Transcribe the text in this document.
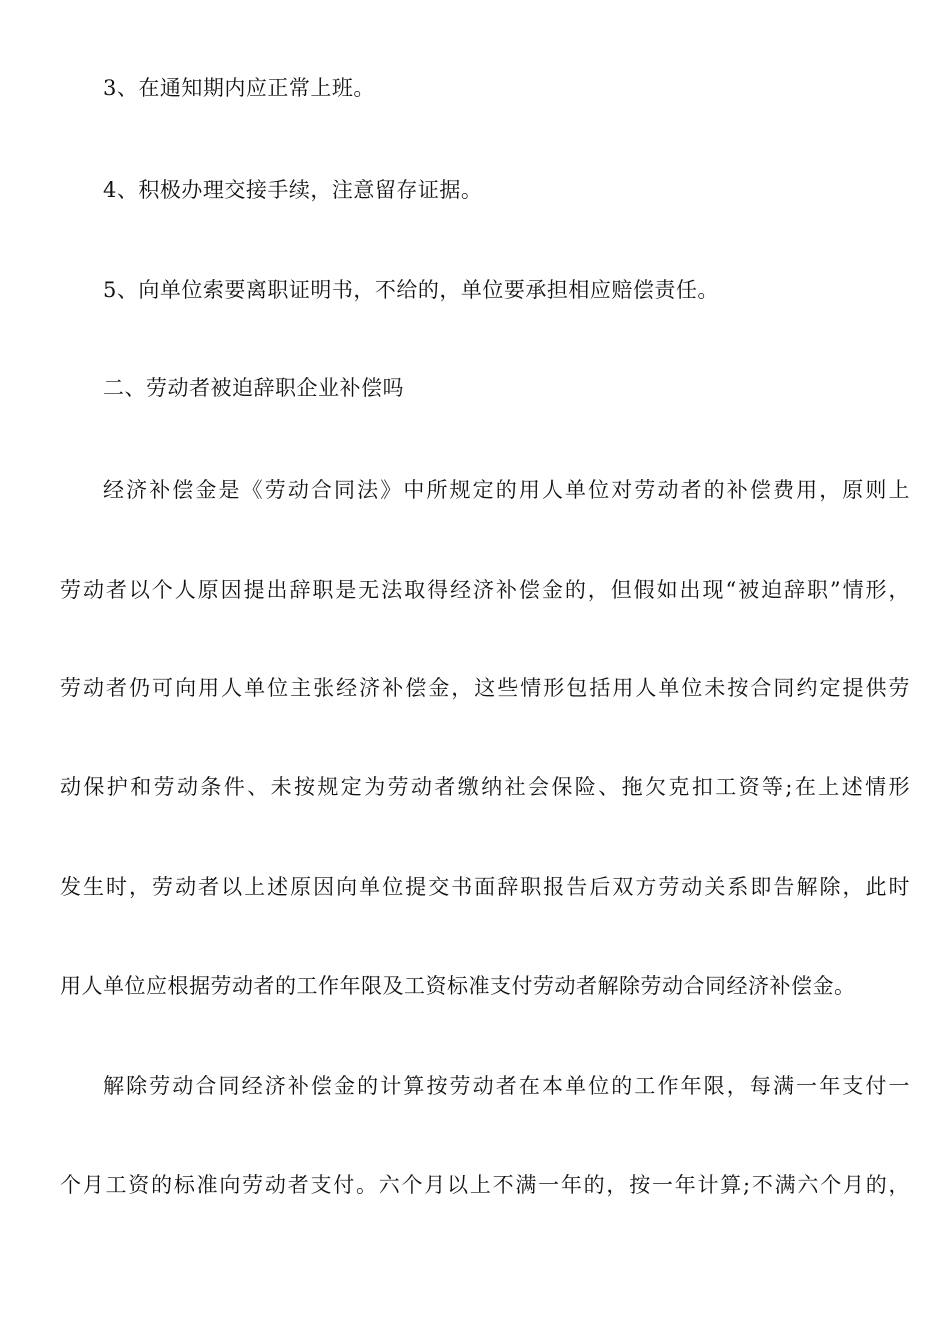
3、在通知期内应正常上班。
4、积极办理交接手续，注意留存证据。
5、向单位索要离职证明书，不给的，单位要承担相应赔偿责任。
二、劳动者被迫辞职企业补偿吗
经济补偿金是《劳动合同法》中所规定的用人单位对劳动者的补偿费用，原则上
劳动者以个人原因提出辞职是无法取得经济补偿金的，但假如出现“被迫辞职”情形，
劳动者仍可向用人单位主张经济补偿金，这些情形包括用人单位未按合同约定提供劳
动保护和劳动条件、未按规定为劳动者缴纳社会保险、拖欠克扣工资等;在上述情形
发生时，劳动者以上述原因向单位提交书面辞职报告后双方劳动关系即告解除，此时
用人单位应根据劳动者的工作年限及工资标准支付劳动者解除劳动合同经济补偿金。
解除劳动合同经济补偿金的计算按劳动者在本单位的工作年限，每满一年支付一
个月工资的标准向劳动者支付。六个月以上不满一年的，按一年计算;不满六个月的，
